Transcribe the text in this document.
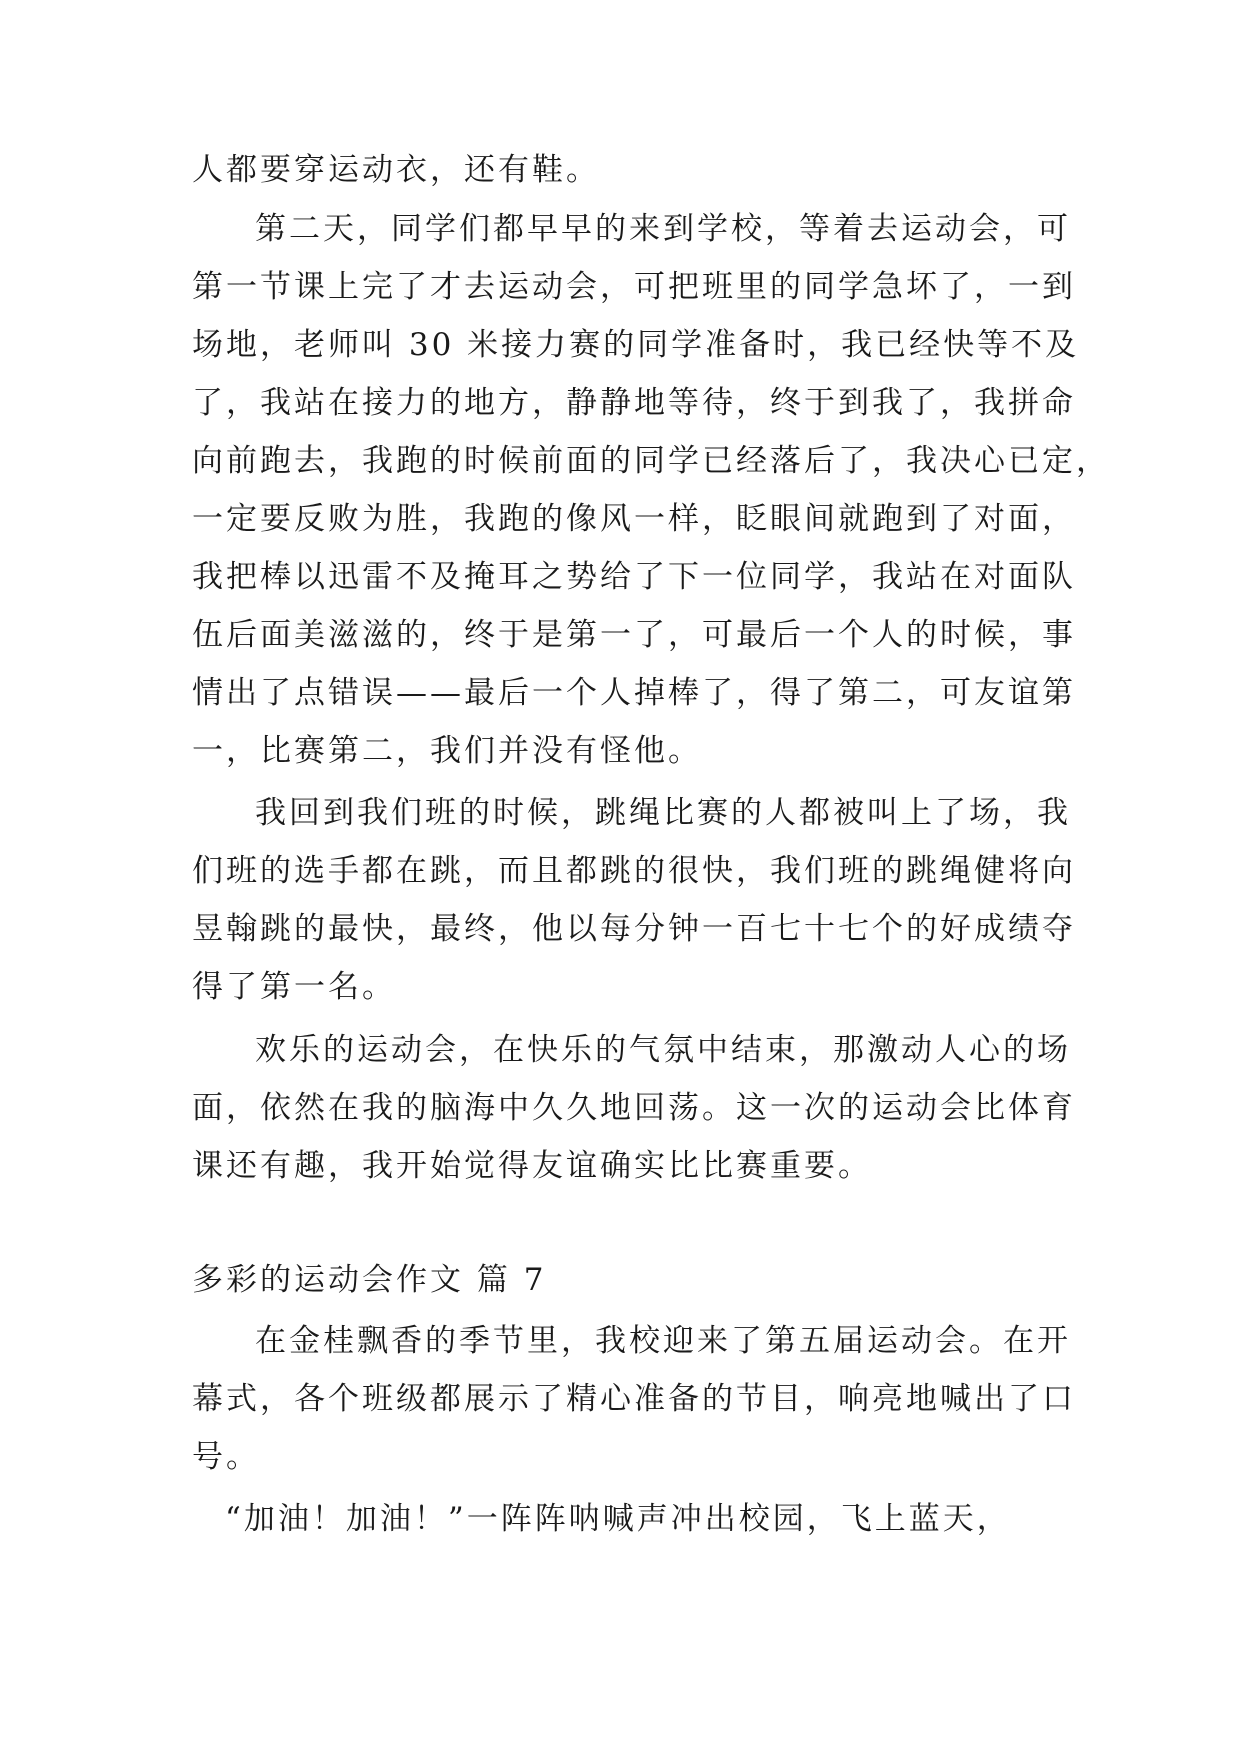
人都要穿运动衣，还有鞋。
第二天，同学们都早早的来到学校，等着去运动会，可
第一节课上完了才去运动会，可把班里的同学急坏了，一到
场地，老师叫 30 米接力赛的同学准备时，我已经快等不及
了，我站在接力的地方，静静地等待，终于到我了，我拼命
向前跑去，我跑的时候前面的同学已经落后了，我决心已定，
一定要反败为胜，我跑的像风一样，眨眼间就跑到了对面，
我把棒以迅雷不及掩耳之势给了下一位同学，我站在对面队
伍后面美滋滋的，终于是第一了，可最后一个人的时候，事
情出了点错误——最后一个人掉棒了，得了第二，可友谊第
一，比赛第二，我们并没有怪他。
我回到我们班的时候，跳绳比赛的人都被叫上了场，我
们班的选手都在跳，而且都跳的很快，我们班的跳绳健将向
昱翰跳的最快，最终，他以每分钟一百七十七个的好成绩夺
得了第一名。
欢乐的运动会，在快乐的气氛中结束，那激动人心的场
面，依然在我的脑海中久久地回荡。这一次的运动会比体育
课还有趣，我开始觉得友谊确实比比赛重要。
多彩的运动会作文 篇 7
在金桂飘香的季节里，我校迎来了第五届运动会。在开
幕式，各个班级都展示了精心准备的节目，响亮地喊出了口
号。
“加油！加油！”一阵阵呐喊声冲出校园，飞上蓝天，
